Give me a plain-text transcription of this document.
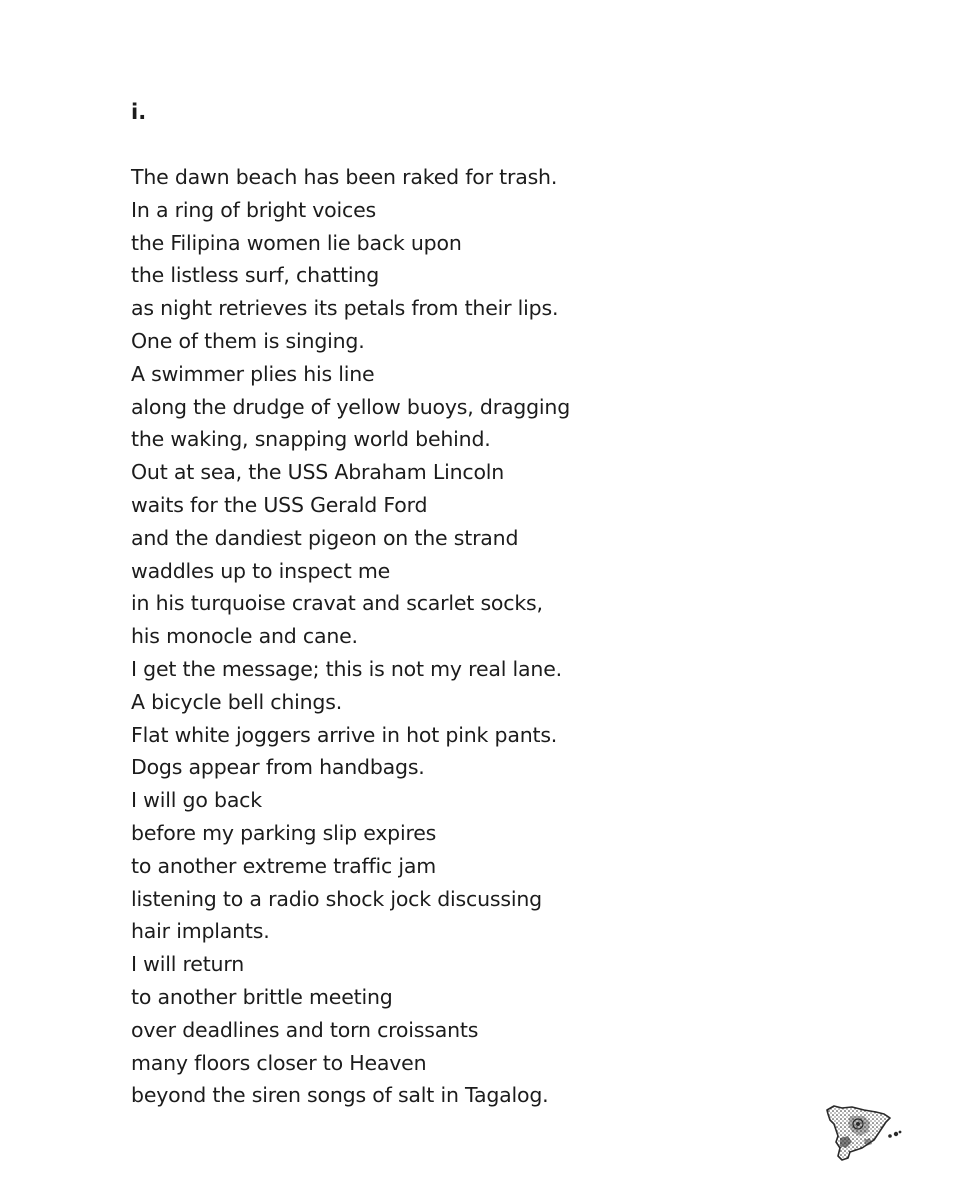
i.
The dawn beach has been raked for trash.
In a ring of bright voices
the Filipina women lie back upon
the listless surf, chatting
as night retrieves its petals from their lips.
One of them is singing.
A swimmer plies his line
along the drudge of yellow buoys, dragging
the waking, snapping world behind.
Out at sea, the USS Abraham Lincoln
waits for the USS Gerald Ford
and the dandiest pigeon on the strand
waddles up to inspect me
in his turquoise cravat and scarlet socks,
his monocle and cane.
I get the message; this is not my real lane.
A bicycle bell chings.
Flat white joggers arrive in hot pink pants.
Dogs appear from handbags.
I will go back
before my parking slip expires
to another extreme traffic jam
listening to a radio shock jock discussing
hair implants.
I will return
to another brittle meeting
over deadlines and torn croissants
many floors closer to Heaven
beyond the siren songs of salt in Tagalog.
